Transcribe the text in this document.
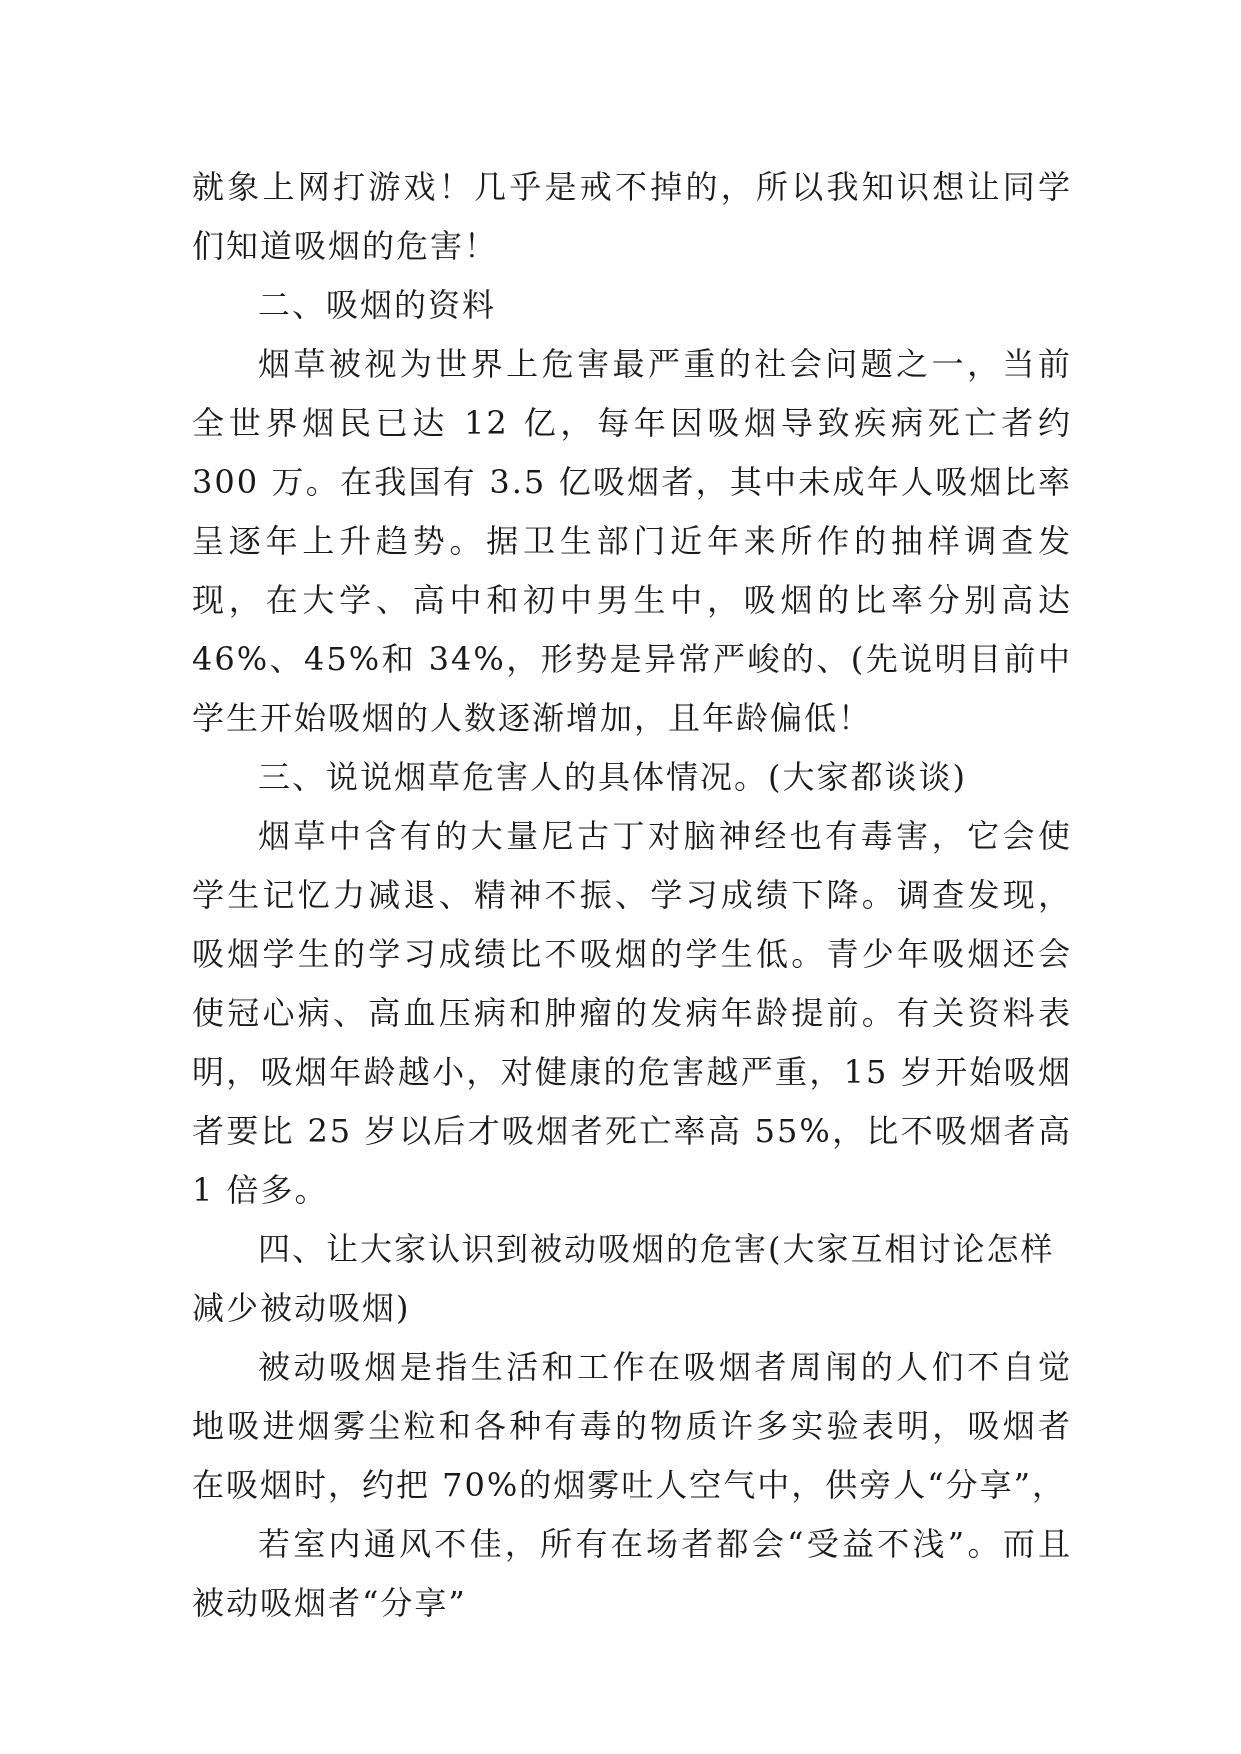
就象上网打游戏！几乎是戒不掉的，所以我知识想让同学们知道吸烟的危害！

二、吸烟的资料

烟草被视为世界上危害最严重的社会问题之一，当前全世界烟民已达 12 亿，每年因吸烟导致疾病死亡者约 300 万。在我国有 3.5 亿吸烟者，其中未成年人吸烟比率呈逐年上升趋势。据卫生部门近年来所作的抽样调查发现，在大学、高中和初中男生中，吸烟的比率分别高达 46%、45%和 34%，形势是异常严峻的、(先说明目前中学生开始吸烟的人数逐渐增加，且年龄偏低！

三、说说烟草危害人的具体情况。(大家都谈谈)

烟草中含有的大量尼古丁对脑神经也有毒害，它会使学生记忆力减退、精神不振、学习成绩下降。调查发现，吸烟学生的学习成绩比不吸烟的学生低。青少年吸烟还会使冠心病、高血压病和肿瘤的发病年龄提前。有关资料表明，吸烟年龄越小，对健康的危害越严重，15 岁开始吸烟者要比 25 岁以后才吸烟者死亡率高 55%，比不吸烟者高 1 倍多。

四、让大家认识到被动吸烟的危害(大家互相讨论怎样减少被动吸烟)

被动吸烟是指生活和工作在吸烟者周闱的人们不自觉地吸进烟雾尘粒和各种有毒的物质许多实验表明，吸烟者在吸烟时，约把 70%的烟雾吐人空气中，供旁人“分享”，

若室内通风不佳，所有在场者都会“受益不浅”。而且被动吸烟者“分享”
